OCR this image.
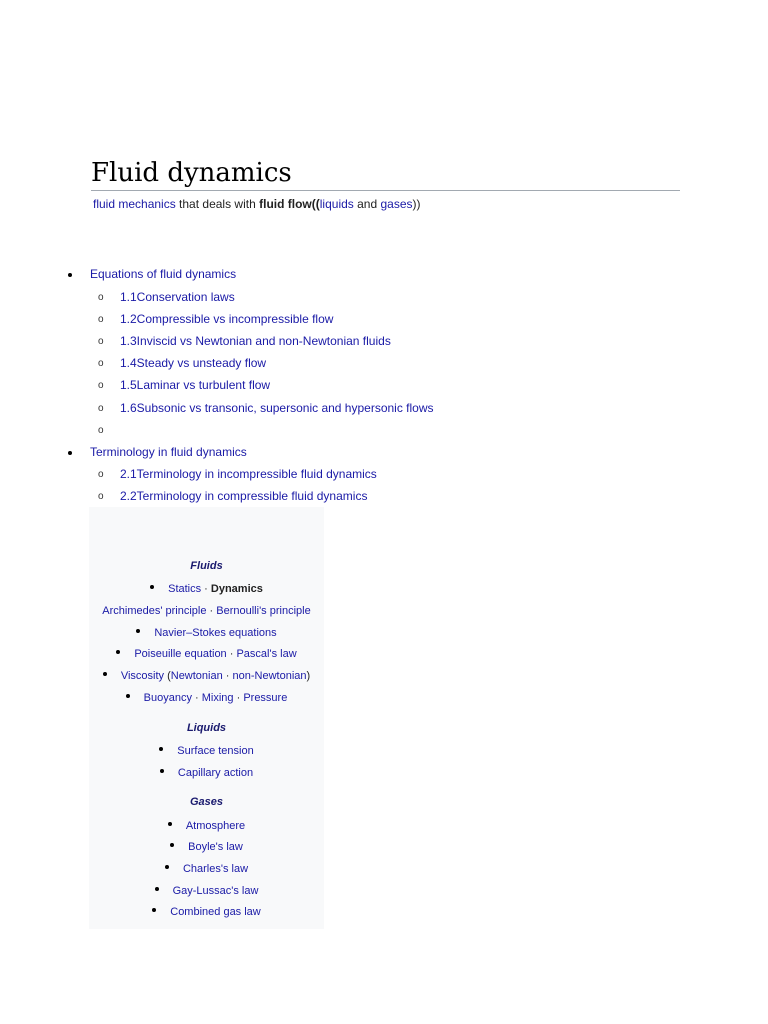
Fluid dynamics
fluid mechanics that deals with fluid flow((liquids and gases))
Equations of fluid dynamics
o 1.1Conservation laws
o 1.2Compressible vs incompressible flow
o 1.3Inviscid vs Newtonian and non-Newtonian fluids
o 1.4Steady vs unsteady flow
o 1.5Laminar vs turbulent flow
o 1.6Subsonic vs transonic, supersonic and hypersonic flows
o
Terminology in fluid dynamics
o 2.1Terminology in incompressible fluid dynamics
o 2.2Terminology in compressible fluid dynamics
Fluids
Statics · Dynamics
Archimedes' principle · Bernoulli's principle
Navier–Stokes equations
Poiseuille equation · Pascal's law
Viscosity (Newtonian · non-Newtonian)
Buoyancy · Mixing · Pressure
Liquids
Surface tension
Capillary action
Gases
Atmosphere
Boyle's law
Charles's law
Gay-Lussac's law
Combined gas law
